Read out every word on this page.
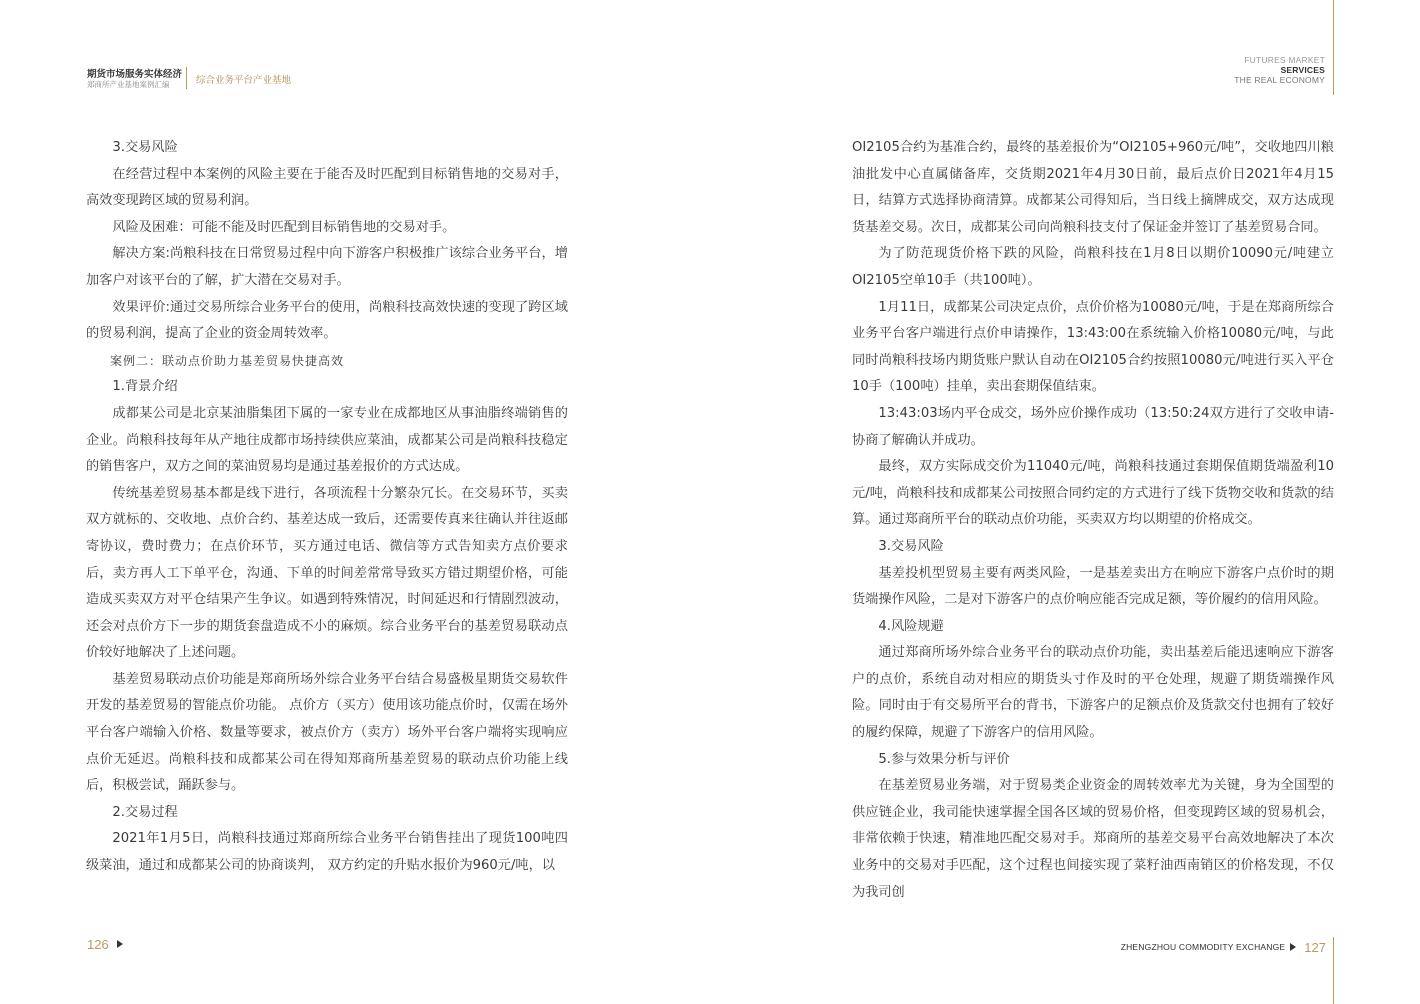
期货市场服务实体经济
郑商所产业基地案例汇编	综合业务平台产业基地
FUTURES MARKET
SERVICES
THE REAL ECONOMY

3.交易风险

在经营过程中本案例的风险主要在于能否及时匹配到目标销售地的交易对手，高效变现跨区域的贸易利润。

风险及困难：可能不能及时匹配到目标销售地的交易对手。

解决方案:尚粮科技在日常贸易过程中向下游客户积极推广该综合业务平台，增加客户对该平台的了解，扩大潜在交易对手。

效果评价:通过交易所综合业务平台的使用，尚粮科技高效快速的变现了跨区域的贸易利润，提高了企业的资金周转效率。

案例二：联动点价助力基差贸易快捷高效

1.背景介绍

成都某公司是北京某油脂集团下属的一家专业在成都地区从事油脂终端销售的企业。尚粮科技每年从产地往成都市场持续供应菜油，成都某公司是尚粮科技稳定的销售客户，双方之间的菜油贸易均是通过基差报价的方式达成。

传统基差贸易基本都是线下进行，各项流程十分繁杂冗长。在交易环节，买卖双方就标的、交收地、点价合约、基差达成一致后，还需要传真来往确认并往返邮寄协议，费时费力；在点价环节，买方通过电话、微信等方式告知卖方点价要求后，卖方再人工下单平仓，沟通、下单的时间差常常导致买方错过期望价格，可能造成买卖双方对平仓结果产生争议。如遇到特殊情况，时间延迟和行情剧烈波动，还会对点价方下一步的期货套盘造成不小的麻烦。综合业务平台的基差贸易联动点价较好地解决了上述问题。

基差贸易联动点价功能是郑商所场外综合业务平台结合易盛极星期货交易软件开发的基差贸易的智能点价功能。 点价方（买方）使用该功能点价时，仅需在场外平台客户端输入价格、数量等要求，被点价方（卖方）场外平台客户端将实现响应点价无延迟。尚粮科技和成都某公司在得知郑商所基差贸易的联动点价功能上线后，积极尝试，踊跃参与。

2.交易过程

2021年1月5日，尚粮科技通过郑商所综合业务平台销售挂出了现货100吨四级菜油，通过和成都某公司的协商谈判， 双方约定的升贴水报价为960元/吨，以

OI2105合约为基准合约，最终的基差报价为“OI2105+960元/吨”，交收地四川粮油批发中心直属储备库，交货期2021年4月30日前，最后点价日2021年4月15日，结算方式选择协商清算。成都某公司得知后，当日线上摘牌成交，双方达成现货基差交易。次日，成都某公司向尚粮科技支付了保证金并签订了基差贸易合同。

为了防范现货价格下跌的风险，尚粮科技在1月8日以期价10090元/吨建立OI2105空单10手（共100吨）。

1月11日，成都某公司决定点价，点价价格为10080元/吨，于是在郑商所综合业务平台客户端进行点价申请操作，13:43:00在系统输入价格10080元/吨，与此同时尚粮科技场内期货账户默认自动在OI2105合约按照10080元/吨进行买入平仓10手（100吨）挂单，卖出套期保值结束。

13:43:03场内平仓成交，场外应价操作成功（13:50:24双方进行了交收申请-协商了解确认并成功。

最终，双方实际成交价为11040元/吨，尚粮科技通过套期保值期货端盈利10元/吨，尚粮科技和成都某公司按照合同约定的方式进行了线下货物交收和货款的结算。通过郑商所平台的联动点价功能，买卖双方均以期望的价格成交。

3.交易风险

基差投机型贸易主要有两类风险，一是基差卖出方在响应下游客户点价时的期货端操作风险，二是对下游客户的点价响应能否完成足额，等价履约的信用风险。

4.风险规避

通过郑商所场外综合业务平台的联动点价功能，卖出基差后能迅速响应下游客户的点价，系统自动对相应的期货头寸作及时的平仓处理，规避了期货端操作风险。同时由于有交易所平台的背书，下游客户的足额点价及货款交付也拥有了较好的履约保障，规避了下游客户的信用风险。

5.参与效果分析与评价

在基差贸易业务端，对于贸易类企业资金的周转效率尤为关键，身为全国型的供应链企业，我司能快速掌握全国各区域的贸易价格，但变现跨区域的贸易机会，非常依赖于快速，精准地匹配交易对手。郑商所的基差交易平台高效地解决了本次业务中的交易对手匹配，这个过程也间接实现了菜籽油西南销区的价格发现，不仅为我司创

126	ZHENGZHOU COMMODITY EXCHANGE 127
